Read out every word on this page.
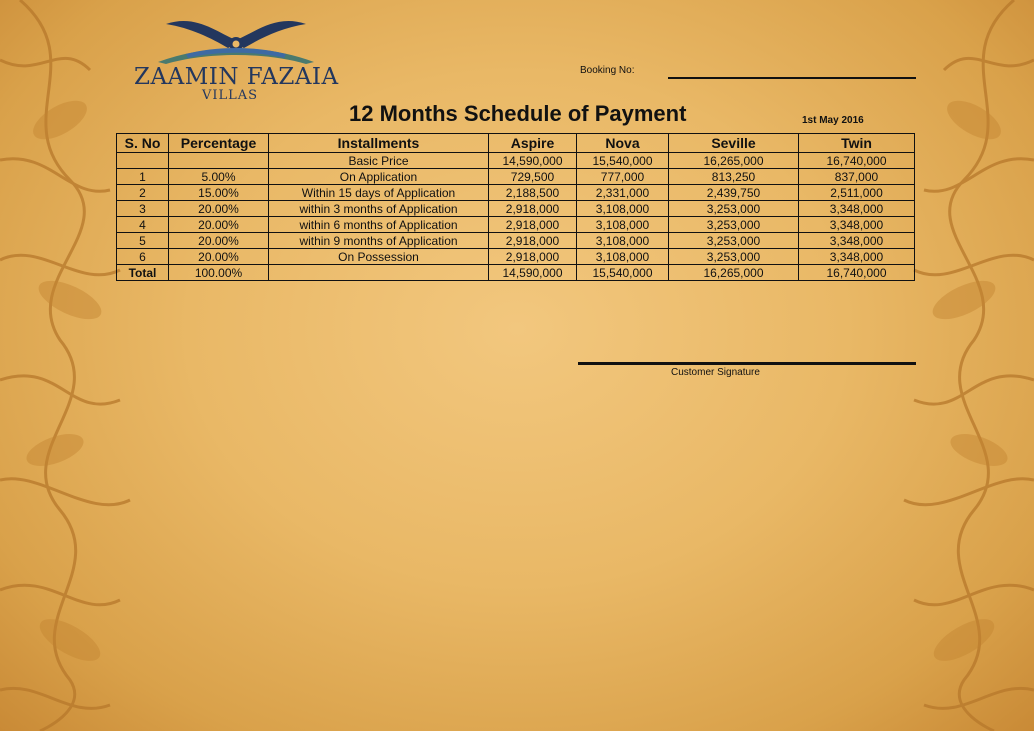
ZAAMIN FAZAIA
VILLAS
Booking No:
12 Months Schedule of Payment	1st May 2016
S. No	Percentage	Installments	Aspire	Nova	Seville	Twin
		Basic Price	14,590,000	15,540,000	16,265,000	16,740,000
1	5.00%	On Application	729,500	777,000	813,250	837,000
2	15.00%	Within 15 days of Application	2,188,500	2,331,000	2,439,750	2,511,000
3	20.00%	within 3 months of Application	2,918,000	3,108,000	3,253,000	3,348,000
4	20.00%	within 6 months of Application	2,918,000	3,108,000	3,253,000	3,348,000
5	20.00%	within 9 months of Application	2,918,000	3,108,000	3,253,000	3,348,000
6	20.00%	On Possession	2,918,000	3,108,000	3,253,000	3,348,000
Total	100.00%		14,590,000	15,540,000	16,265,000	16,740,000
Customer Signature
